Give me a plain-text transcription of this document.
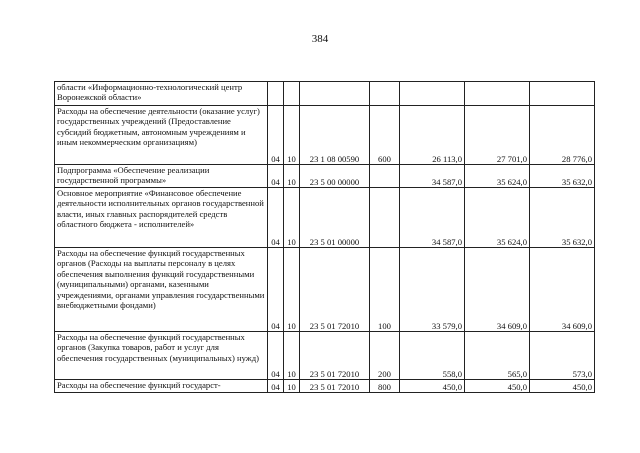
384
области «Информационно-технологический центр Воронежской области»							
Расходы на обеспечение деятельности (оказание услуг) государственных учреждений (Предоставление субсидий бюджетным, автономным учреждениям и иным некоммерческим организациям)	04	10	23 1 08 00590	600	26 113,0	27 701,0	28 776,0
Подпрограмма «Обеспечение реализации государственной программы»	04	10	23 5 00 00000		34 587,0	35 624,0	35 632,0
Основное мероприятие «Финансовое обеспечение деятельности исполнительных органов государственной власти, иных главных распорядителей средств областного бюджета - исполнителей»	04	10	23 5 01 00000		34 587,0	35 624,0	35 632,0
Расходы на обеспечение функций государственных органов (Расходы на выплаты персоналу в целях обеспечения выполнения функций государственными (муниципальными) органами, казенными учреждениями, органами управления государственными внебюджетными фондами)	04	10	23 5 01 72010	100	33 579,0	34 609,0	34 609,0
Расходы на обеспечение функций государственных органов (Закупка товаров, работ и услуг для обеспечения государственных (муниципальных) нужд)	04	10	23 5 01 72010	200	558,0	565,0	573,0
Расходы на обеспечение функций государст-	04	10	23 5 01 72010	800	450,0	450,0	450,0
